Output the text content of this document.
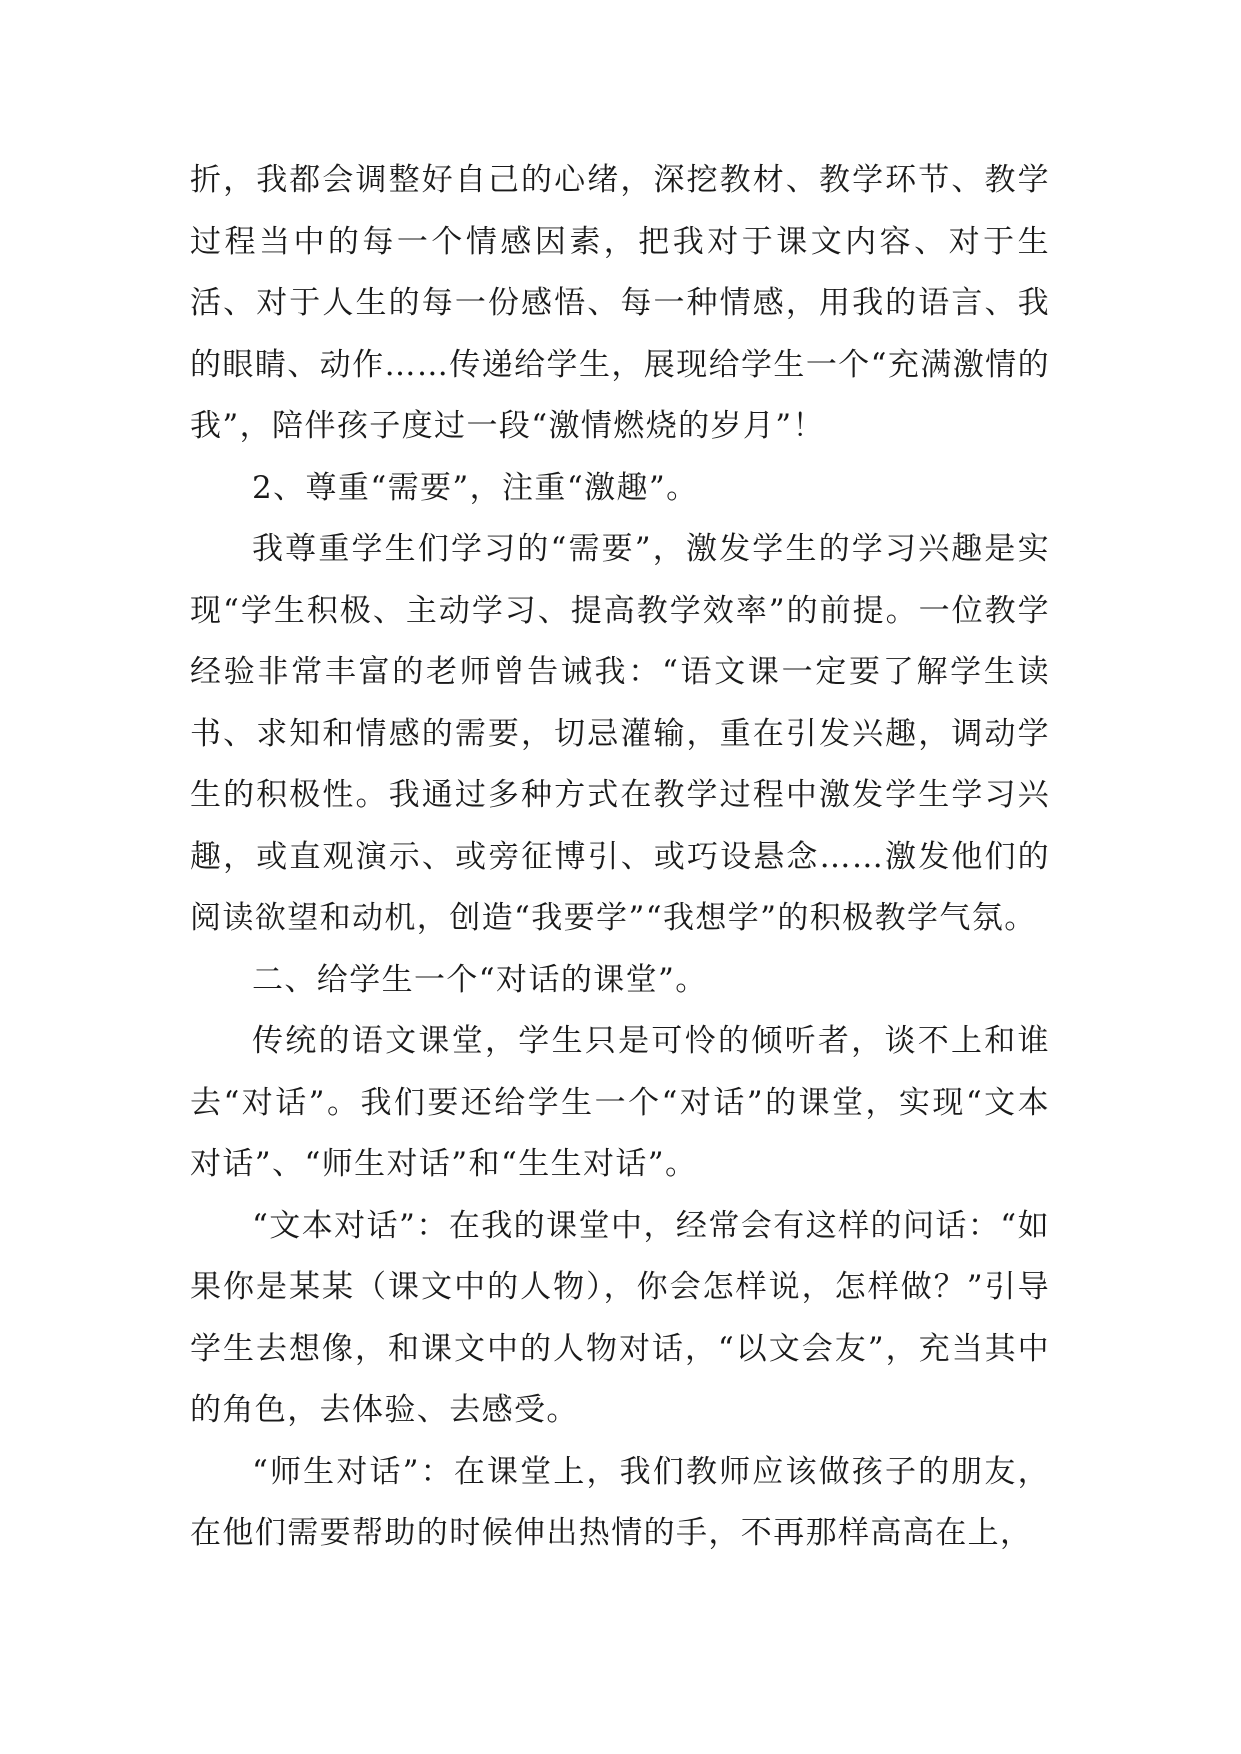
折，我都会调整好自己的心绪，深挖教材、教学环节、教学过程当中的每一个情感因素，把我对于课文内容、对于生活、对于人生的每一份感悟、每一种情感，用我的语言、我的眼睛、动作……传递给学生，展现给学生一个“充满激情的我”，陪伴孩子度过一段“激情燃烧的岁月”！

2、尊重“需要”，注重“激趣”。

我尊重学生们学习的“需要”，激发学生的学习兴趣是实现“学生积极、主动学习、提高教学效率”的前提。一位教学经验非常丰富的老师曾告诫我：“语文课一定要了解学生读书、求知和情感的需要，切忌灌输，重在引发兴趣，调动学生的积极性。我通过多种方式在教学过程中激发学生学习兴趣，或直观演示、或旁征博引、或巧设悬念……激发他们的阅读欲望和动机，创造“我要学”“我想学”的积极教学气氛。

二、给学生一个“对话的课堂”。

传统的语文课堂，学生只是可怜的倾听者，谈不上和谁去“对话”。我们要还给学生一个“对话”的课堂，实现“文本对话”、“师生对话”和“生生对话”。

“文本对话”：在我的课堂中，经常会有这样的问话：“如果你是某某（课文中的人物），你会怎样说，怎样做？”引导学生去想像，和课文中的人物对话，“以文会友”，充当其中的角色，去体验、去感受。

“师生对话”：在课堂上，我们教师应该做孩子的朋友，在他们需要帮助的时候伸出热情的手，不再那样高高在上，
